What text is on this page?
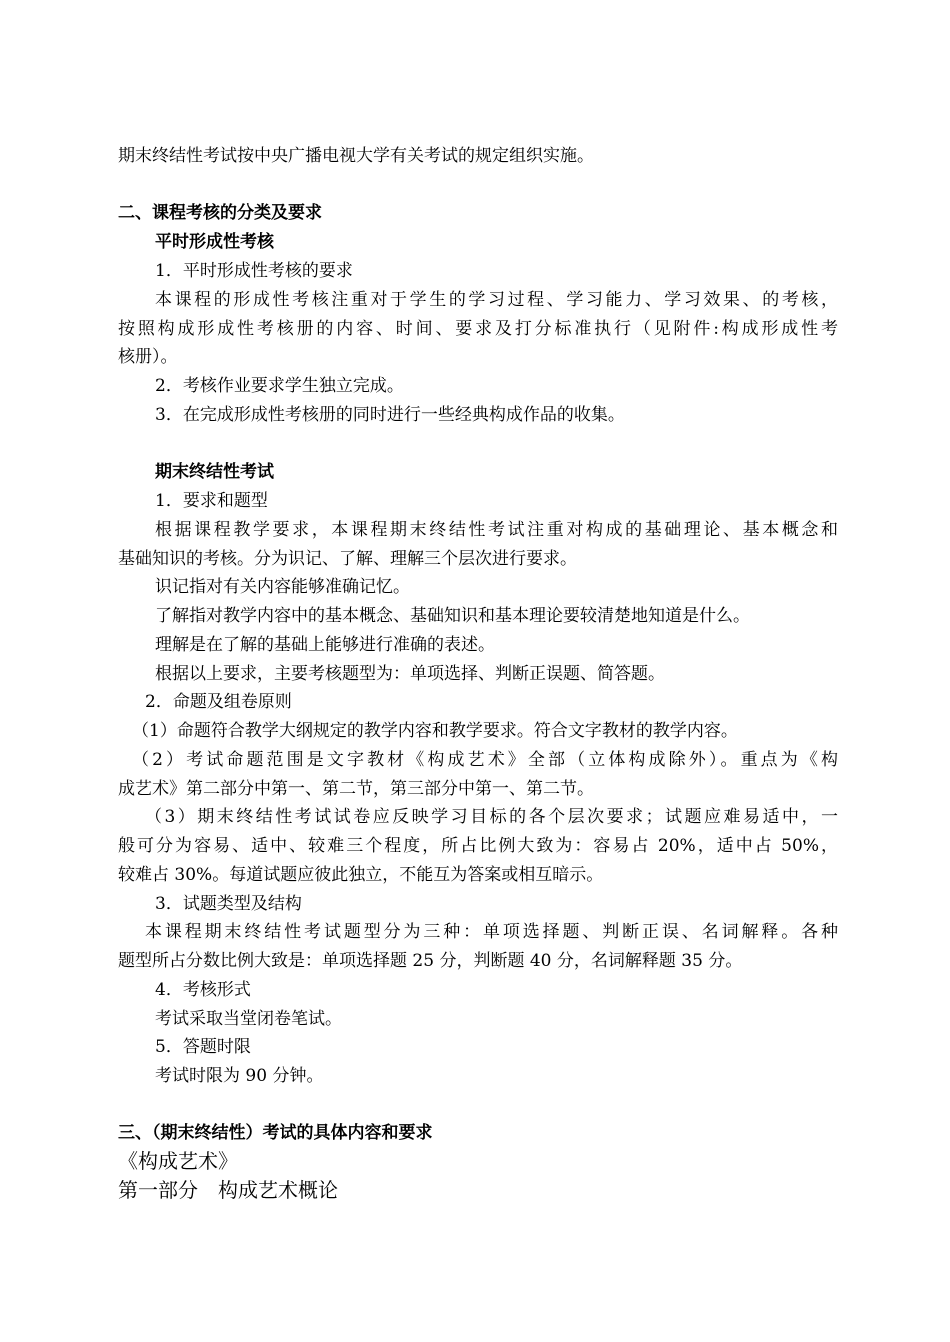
期末终结性考试按中央广播电视大学有关考试的规定组织实施。
二、课程考核的分类及要求
平时形成性考核
1．平时形成性考核的要求
本课程的形成性考核注重对于学生的学习过程、学习能力、学习效果、的考核，
按照构成形成性考核册的内容、时间、要求及打分标准执行（见附件:构成形成性考
核册）。
2．考核作业要求学生独立完成。
3．在完成形成性考核册的同时进行一些经典构成作品的收集。
期末终结性考试
1．要求和题型
根据课程教学要求，本课程期末终结性考试注重对构成的基础理论、基本概念和
基础知识的考核。分为识记、了解、理解三个层次进行要求。
识记指对有关内容能够准确记忆。
了解指对教学内容中的基本概念、基础知识和基本理论要较清楚地知道是什么。
理解是在了解的基础上能够进行准确的表述。
根据以上要求，主要考核题型为：单项选择、判断正误题、简答题。
2．命题及组卷原则
（1）命题符合教学大纲规定的教学内容和教学要求。符合文字教材的教学内容。
（2）考试命题范围是文字教材《构成艺术》全部（立体构成除外）。重点为《构
成艺术》第二部分中第一、第二节，第三部分中第一、第二节。
（3）期末终结性考试试卷应反映学习目标的各个层次要求；试题应难易适中，一
般可分为容易、适中、较难三个程度，所占比例大致为：容易占 20%，适中占 50%，
较难占 30%。每道试题应彼此独立，不能互为答案或相互暗示。
3．试题类型及结构
本课程期末终结性考试题型分为三种：单项选择题、判断正误、名词解释。各种
题型所占分数比例大致是：单项选择题 25 分，判断题 40 分，名词解释题 35 分。
4．考核形式
考试采取当堂闭卷笔试。
5．答题时限
考试时限为 90 分钟。
三、（期末终结性）考试的具体内容和要求
《构成艺术》
第一部分　构成艺术概论
